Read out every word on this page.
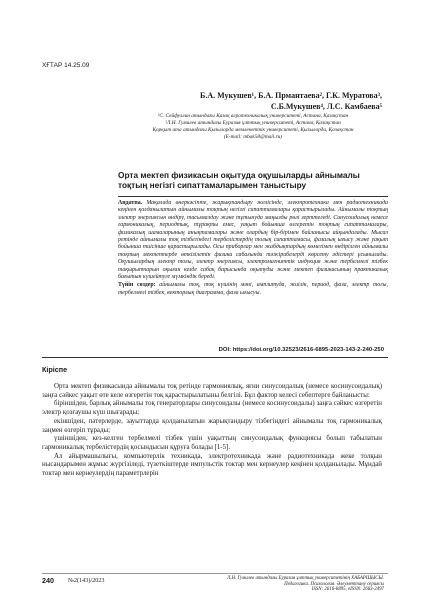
ХҒТАР 14.25.09
Б.А. Мукушев¹, Б.А. Прмантаева², Г.К. Муратова³,
С.Б.Мукушев⁴, Л.С. Камбаева⁵
¹С. Сейфуллин атындағы Қазақ агротехникалық университеті, Астана, Қазақстан
²Л.Н. Гумилев атындағы Еуразия ұлттық университеті, Астана, Қазақстан
Қорқыт ата атындағы Қызылорда мемлекеттік университеті, Қызылорда, Қазақстан
(E-mail: mbak58@mail.ru)
Орта мектеп физикасын оқытуда оқушыларды айнымалы тоқтың негізгі сипаттамаларымен таныстыру

Аңдатпа. Мақалада өнеркәсіпте, жарықтандыру желісінде, электротехника мен радиотехникада кеңінен қолданылатын айнымалы тоқтың негізгі сипаттамалары қарастырылады. Айнымалы тоқтың электр энергиясын өндіру, тасымалдау және тұтынуда маңызды рөлі зерттеледі. Синусоидалық немесе гармоникалық, периодтық, тұрақты емес, уақыт бойынша өзгеретін тоқтың сипаттамалары, физикалық шамаларының анықтамалары және олардың бір-бірімен байланысы айқындалады. Мысал ретінде айнымалы тоқ тізбегіндегі тербелістердің толық сипаттамасы, фазалық ығысу және уақыт бойынша тиісінше қарастырылады. Осы приборлар мен жабдықтардың көмегімен өндірілген айнымалы тоқтың мектептерде өткізілетін физика сабағында тәжірибелерді көрсету әдістері ұсынылады. Оқушылардың электр тоғы, электр энергиясы, электромагниттік индукция және тербелмелі тізбек тақырыптарын оқыған кезде сабақ барысында оқытуды және мектеп физикасының практикалық бағытын күшейтуге мүмкіндік береді.

Түйін сөздер: айнымалы тоқ, тоқ күшінің мәні, амплитуда, жиілік, период, фаза, электр тогы, тербелмелі тізбек, векторлық диаграмма, фаза ығысуы.

DOI: https://doi.org/10.32523/2616-6895-2023-143-2-240-250
Кіріспе

Орта мектеп физикасында айнымалы тоқ ретінде гармониялық, яғни синусоидалық (немесе косинусоидалық) заңға сәйкес уақыт өте келе өзгеретін тоқ қарастырылатыны белгілі. Бұл фактор келесі себептерге байланысты:

біріншіден, барлық айнымалы тоқ генераторлары синусоидалы (немесе косинусоидалы) заңға сәйкес өзгеретін электр қозғаушы күш шығарады;

екіншіден, пәтерлерде, зауыттарда қолданылатын жарықтандыру тізбегіндегі айнымалы тоқ гармоникалық заңмен өзгеріп тұрады;

үшіншіден, кез-келген тербелмелі тізбек үшін уақыттың синусоидалық функциясы болып табылатын гармоникалық тербелістердің қосындысын құруға болады [1-5].

Ал айырмашылығы, компьютерлік техникада, электротехникада және радиотехникада жеке толқын нысандарымен жұмыс жүргізіледі, түзеткіштерде импульстік токтар мен кернеулер кеңінен қолданылады. Мұндай токтар мен кернеулердің параметрлерін

240 №2(143)/2023	Л.Н. Гумилев атындағы Еуразия ұлттық университетінің ХАБАРШЫСЫ.
Педагогика. Психология. Әлеуметтану сериясы
ISSN: 2616-6895, eISSN: 2663-2497
